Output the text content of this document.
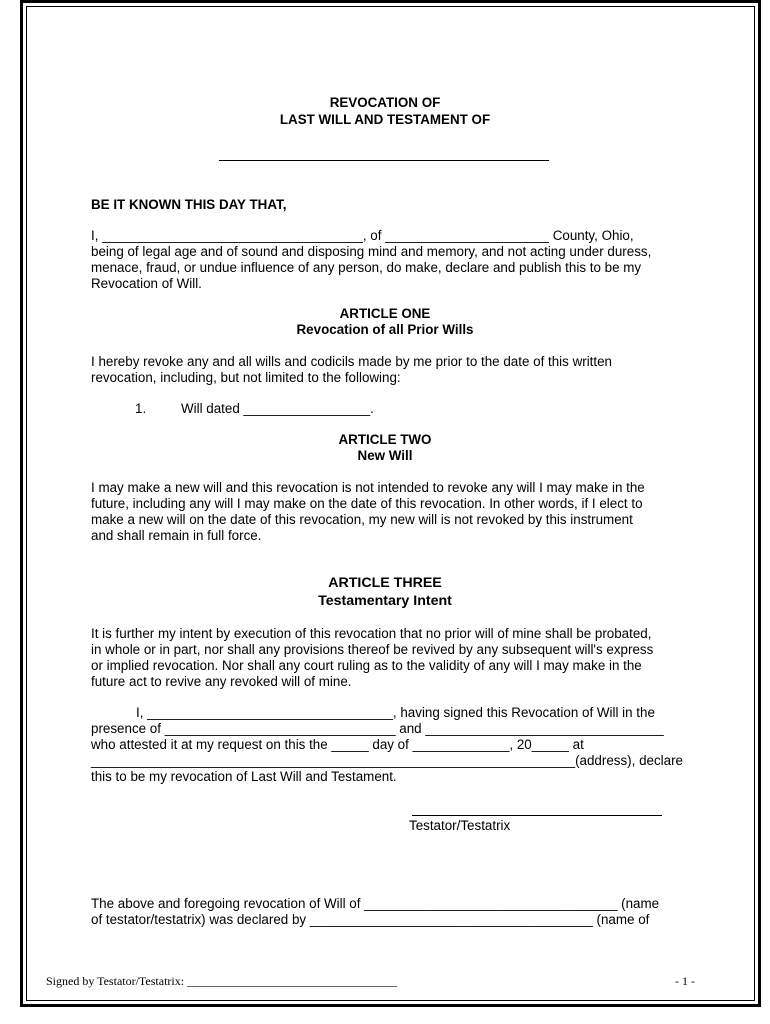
REVOCATION OF
LAST WILL AND TESTAMENT OF
BE IT KNOWN THIS DAY THAT,
I, ___________________________________, of ______________________ County, Ohio,
being of legal age and of sound and disposing mind and memory, and not acting under duress,
menace, fraud, or undue influence of any person, do make, declare and publish this to be my
Revocation of Will.
ARTICLE ONE
Revocation of all Prior Wills
I hereby revoke any and all wills and codicils made by me prior to the date of this written
revocation, including, but not limited to the following:
1.	Will dated _________________.
ARTICLE TWO
New Will
I may make a new will and this revocation is not intended to revoke any will I may make in the
future, including any will I may make on the date of this revocation. In other words, if I elect to
make a new will on the date of this revocation, my new will is not revoked by this instrument
and shall remain in full force.
ARTICLE THREE
Testamentary Intent
It is further my intent by execution of this revocation that no prior will of mine shall be probated,
in whole or in part, nor shall any provisions thereof be revived by any subsequent will's express
or implied revocation. Nor shall any court ruling as to the validity of any will I may make in the
future act to revive any revoked will of mine.
I, _________________________________, having signed this Revocation of Will in the
presence of _______________________________ and ________________________________
who attested it at my request on this the _____ day of _____________, 20_____ at
_________________________________________________________________(address), declare
this to be my revocation of Last Will and Testament.
Testator/Testatrix
The above and foregoing revocation of Will of __________________________________ (name
of testator/testatrix) was declared by ______________________________________ (name of
Signed by Testator/Testatrix: ___________________________________	- 1 -
